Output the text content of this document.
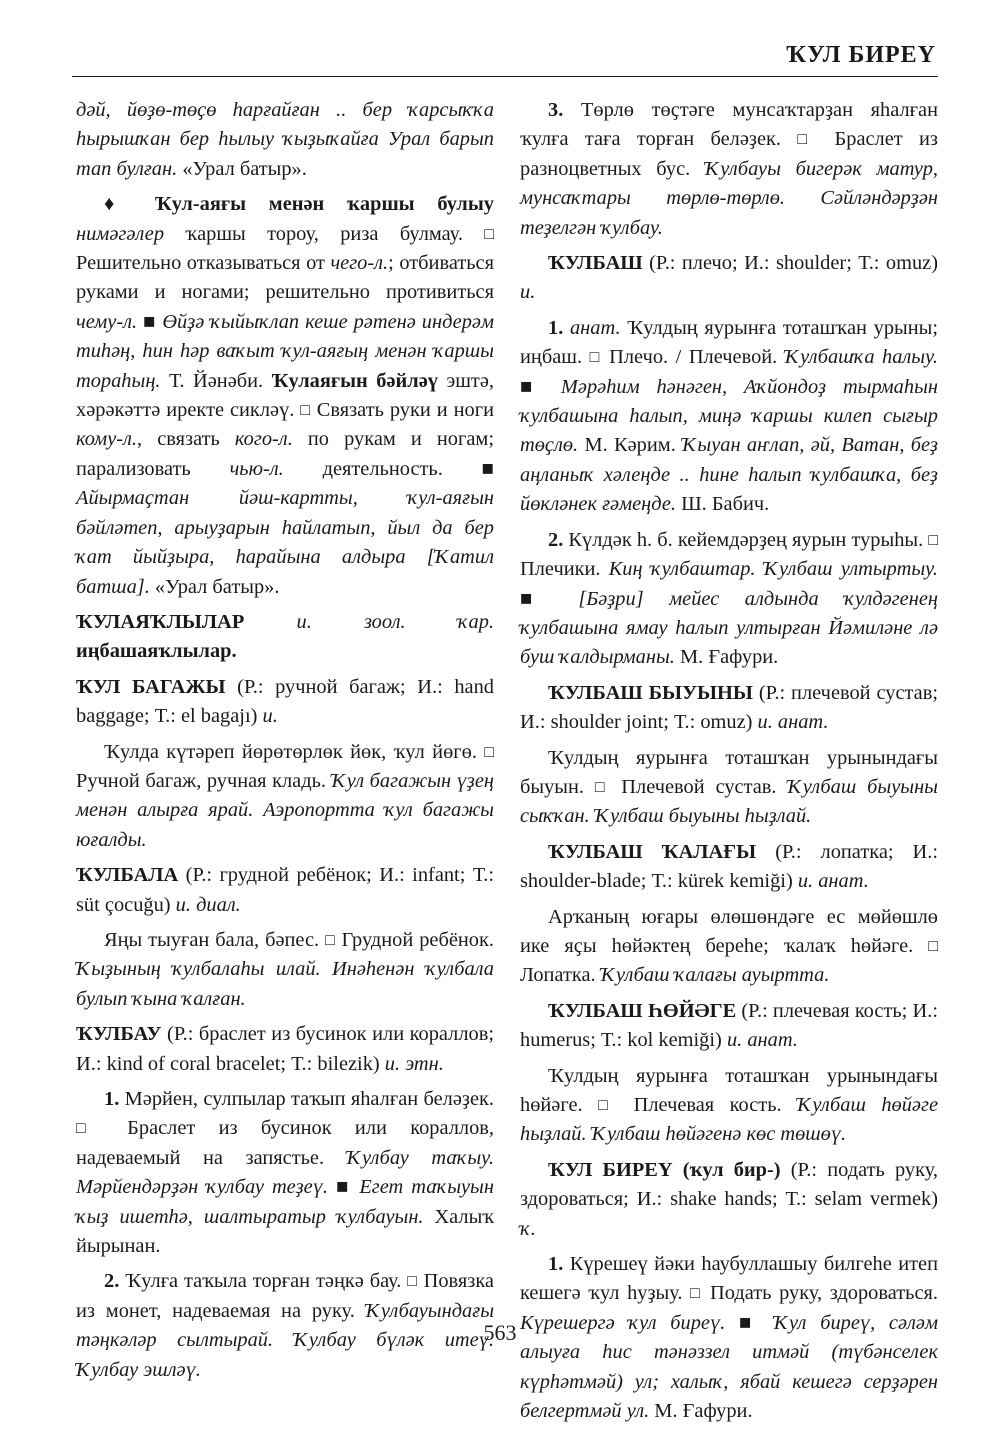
ҠУЛ БИРЕҮ

дәй, йөҙө-төҫө һарғайған .. бер ҡарсыҡҡа һырышҡан бер һылыу ҡыҙыҡайға Урал барып тап булған. «Урал батыр».

♦ Ҡул-аяғы менән ҡаршы булыу нимәгәлер ҡаршы тороу, риза булмау. □ Решительно отказываться от чего-л.; отбиваться руками и ногами; решительно противиться чему-л. ■ Өйҙә ҡыйыҡлап кеше рәтенә индерәм тиһәң, һин һәр ваҡыт ҡул-аяғың менән ҡаршы тораһың. Т. Йәнәби. Ҡулаяғын бәйләү эштә, хәрәкәттә иректе сикләү. □ Связать руки и ноги кому-л., связать кого-л. по рукам и ногам; парализовать чью-л. деятельность. ■ Айырмаҫтан йәш-картты, ҡул-аяғын бәйләтеп, арыуҙарын һайлатып, йыл да бер ҡат йыйҙыра, һарайына алдыра [Ҡатил батша]. «Урал батыр».

ҠУЛАЯҠЛЫЛАР и. зоол. ҡар. иңбашаяҡлылар.

ҠУЛ БАГАЖЫ (Р.: ручной багаж; И.: hand baggage; Т.: el bagajı) и.

Ҡулда күтәреп йөрөтөрлөк йөк, ҡул йөгө. □ Ручной багаж, ручная кладь. Ҡул багажын үҙең менән алырға ярай. Аэропортта ҡул багажы юғалды.

ҠУЛБАЛА (Р.: грудной ребёнок; И.: infant; Т.: süt çocuğu) и. диал.

Яңы тыуған бала, бәпес. □ Грудной ребёнок. Ҡыҙының ҡулбалаһы илай. Инәһенән ҡулбала булып ҡына ҡалған.

ҠУЛБАУ (Р.: браслет из бусинок или кораллов; И.: kind of coral bracelet; Т.: bilezik) и. этн.

1. Мәрйен, сулпылар таҡып яһалған беләҙек. □ Браслет из бусинок или кораллов, надеваемый на запястье. Ҡулбау таҡыу. Мәрйендәрҙән ҡулбау теҙеү. ■ Егет таҡыуын ҡыҙ ишетһә, шалтыратыр ҡулбауын. Халыҡ йырынан.

2. Ҡулға таҡыла торған тәңкә бау. □ Повязка из монет, надеваемая на руку. Ҡулбауындағы тәңкәләр сылтырай. Ҡулбау бүләк итеү. Ҡулбау эшләү.

3. Төрлө төҫтәге мунсаҡтарҙан яһалған ҡулға таға торған беләҙек. □ Браслет из разноцветных бус. Ҡулбауы бигерәк матур, мунсаҡтары төрлө-төрлө. Сәйләндәрҙән теҙелгән ҡулбау.

ҠУЛБАШ (Р.: плечо; И.: shoulder; Т.: omuz) и.

1. анат. Ҡулдың яурынға тоташҡан урыны; иңбаш. □ Плечо. / Плечевой. Ҡулбашҡа һалыу. ■ Мәрәһим һәнәген, Аҡйондоҙ тырмаһын ҡулбашына һалып, миңә ҡаршы килеп сығыр төҫлө. М. Кәрим. Ҡыуан аҥлап, әй, Ватан, беҙ аңланыҡ хәлеңде .. һине һалып ҡулбашҡа, беҙ йөкләнек ғәмеңде. Ш. Бабич.

2. Күлдәк һ. б. кейемдәрҙең яурын турыһы. □ Плечики. Киң ҡулбаштар. Ҡулбаш ултыртыу. ■ [Бәҙри] мейес алдында ҡулдәгенең ҡулбашына ямау һалып ултырған Йәмиләне лә буш ҡалдырманы. М. Ғафури.

ҠУЛБАШ БЫУЫНЫ (Р.: плечевой сустав; И.: shoulder joint; Т.: omuz) и. анат.

Ҡулдың яурынға тоташҡан урынындағы быуын. □ Плечевой сустав. Ҡулбаш быуыны сыҡҡан. Ҡулбаш быуыны һыҙлай.

ҠУЛБАШ ҠАЛАҒЫ (Р.: лопатка; И.: shoulder-blade; Т.: kürek kemiği) и. анат.

Арҡаның юғары өлөшөндәге ес мөйөшлө ике яҫы һөйәктең береһе; ҡалаҡ һөйәге. □ Лопатка. Ҡулбаш ҡалағы ауыртта.

ҠУЛБАШ ҺӨЙӘГЕ (Р.: плечевая кость; И.: humerus; Т.: kol kemiği) и. анат.

Ҡулдың яурынға тоташҡан урынындағы һөйәге. □ Плечевая кость. Ҡулбаш һөйәге һыҙлай. Ҡулбаш һөйәгенә көс төшөү.

ҠУЛ БИРЕҮ (ҡул бир-) (Р.: подать руку, здороваться; И.: shake hands; Т.: selam vermek) ҡ.

1. Күрешеү йәки һаубуллашыу билгеһе итеп кешегә ҡул һуҙыу. □ Подать руку, здороваться. Күрешергә ҡул биреү. ■ Ҡул биреү, сәләм алыуға һис тәнәззел итмәй (түбәнселек күрһәтмәй) ул; халыҡ, ябай кешегә серҙәрен белгертмәй ул. М. Ғафури.

563
